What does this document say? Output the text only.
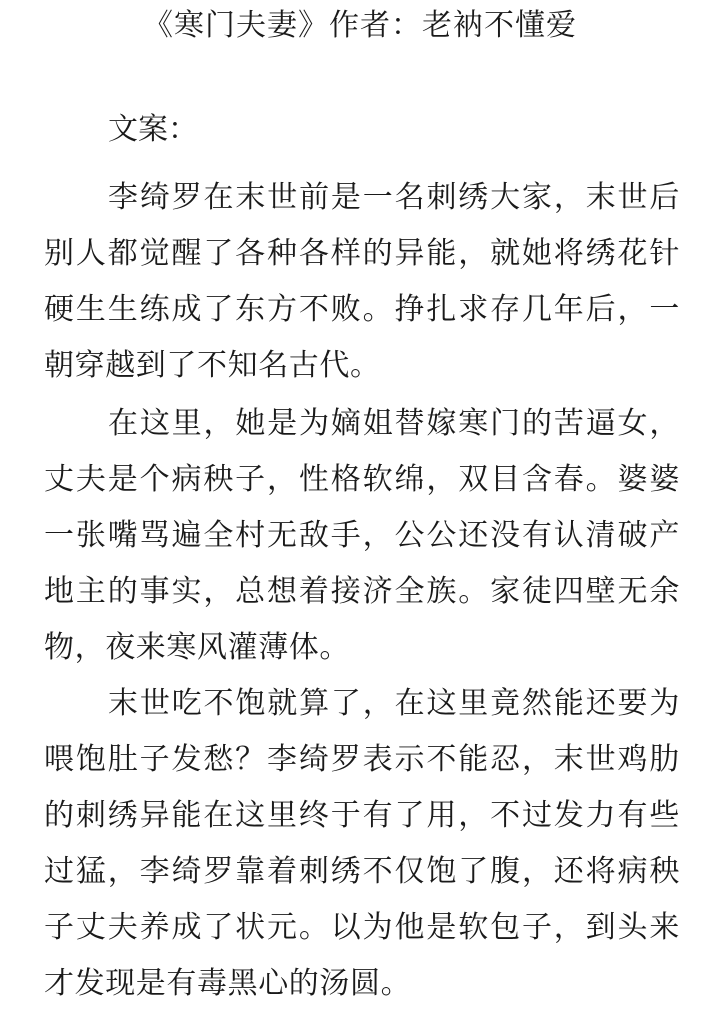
《寒门夫妻》作者：老衲不懂爱
文案：

李绮罗在末世前是一名刺绣大家，末世后别人都觉醒了各种各样的异能，就她将绣花针硬生生练成了东方不败。挣扎求存几年后，一朝穿越到了不知名古代。

在这里，她是为嫡姐替嫁寒门的苦逼女，丈夫是个病秧子，性格软绵，双目含春。婆婆一张嘴骂遍全村无敌手，公公还没有认清破产地主的事实，总想着接济全族。家徒四壁无余物，夜来寒风灌薄体。

末世吃不饱就算了，在这里竟然能还要为喂饱肚子发愁？李绮罗表示不能忍，末世鸡肋的刺绣异能在这里终于有了用，不过发力有些过猛，李绮罗靠着刺绣不仅饱了腹，还将病秧子丈夫养成了状元。以为他是软包子，到头来才发现是有毒黑心的汤圆。
